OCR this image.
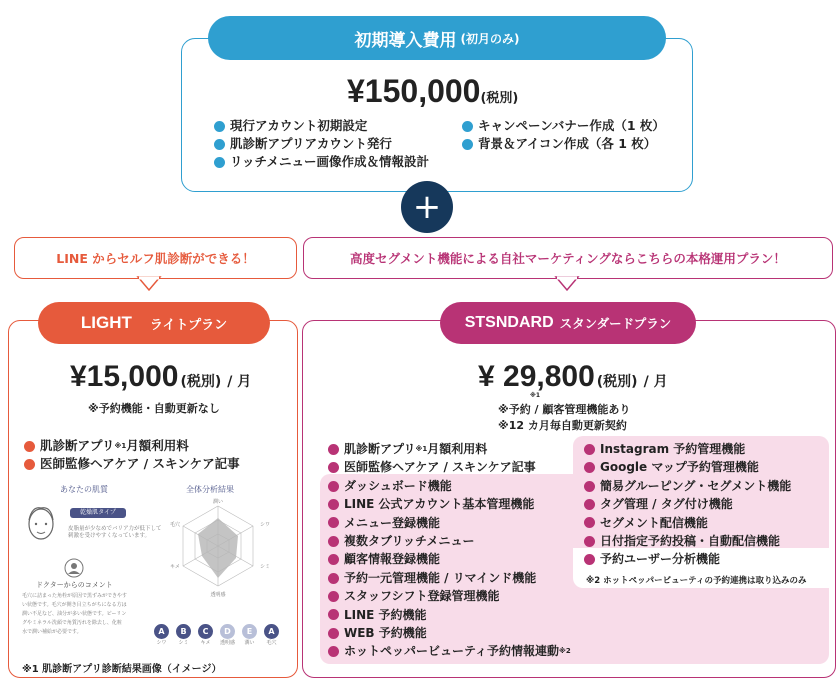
初期導入費用 (初月のみ)
¥150,000 (税別)
現行アカウント初期設定
肌診断アプリアカウント発行
リッチメニュー画像作成＆情報設計
キャンペーンバナー作成（1 枚）
背景＆アイコン作成（各 1 枚）
+
LINE からセルフ肌診断ができる！	高度セグメント機能による自社マーケティングならこちらの本格運用プラン！
LIGHT ライトプラン
¥15,000 (税別) / 月
※予約機能・自動更新なし
肌診断アプリ ※1 月額利用料
医師監修ヘアケア / スキンケア記事
あなたの肌質	全体分析結果
乾燥肌タイプ
皮脂量が少なめでバリア力が低下して
刺激を受けやすくなっています。
ドクターからのコメント
毛穴に詰まった角栓が原因で黒ずみができやす
い状態です。毛穴が開き目立ちがちになる方は
潤い不足など、油分が多い状態です。ピーリン
グやミネラル洗顔で角質汚れを除去し、化粧
水で潤い補給が必要です。
潤い
シワ
シミ
透明感
キメ
毛穴
A
シワ
B
シミ
C
キメ
D
透明感
E
潤い
A
毛穴
※1 肌診断アプリ診断結果画像（イメージ）
STSNDARD スタンダードプラン
¥ 29,800 (税別) / 月
※1
※予約 / 顧客管理機能あり
※12 カ月毎自動更新契約
肌診断アプリ ※1 月額利用料
医師監修ヘアケア / スキンケア記事
ダッシュボード機能
LINE 公式アカウント基本管理機能
メニュー登録機能
複数タブリッチメニュー
顧客情報登録機能
予約一元管理機能 / リマインド機能
スタッフシフト登録管理機能
LINE 予約機能
WEB 予約機能
ホットペッパービューティ予約情報連動 ※2
Instagram 予約管理機能
Google マップ予約管理機能
簡易グルーピング・セグメント機能
タグ管理 / タグ付け機能
セグメント配信機能
日付指定予約投稿・自動配信機能
予約ユーザー分析機能
※2 ホットペッパービューティの予約連携は取り込みのみ
